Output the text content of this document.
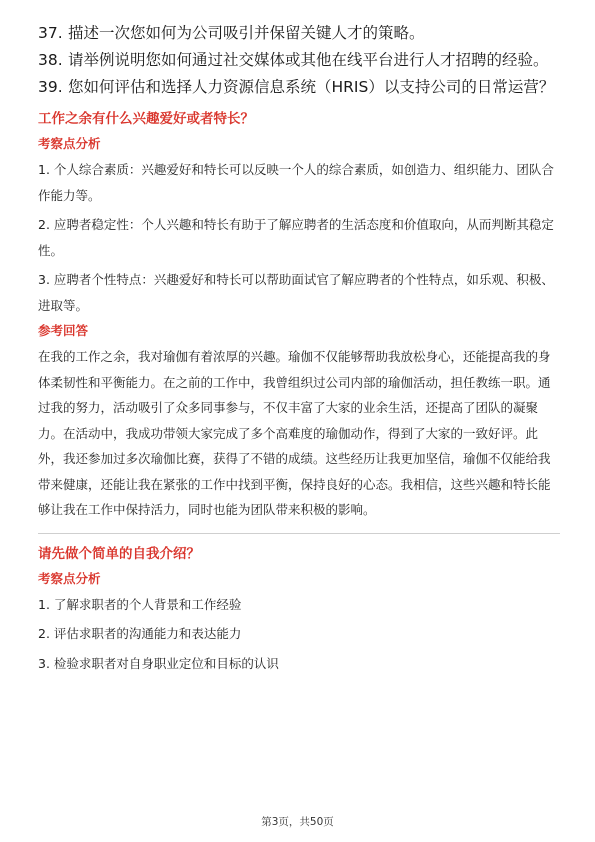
37. 描述一次您如何为公司吸引并保留关键人才的策略。
38. 请举例说明您如何通过社交媒体或其他在线平台进行人才招聘的经验。
39. 您如何评估和选择人力资源信息系统（HRIS）以支持公司的日常运营？
工作之余有什么兴趣爱好或者特长？
考察点分析

1. 个人综合素质：兴趣爱好和特长可以反映一个人的综合素质，如创造力、组织能力、团队合作能力等。

2. 应聘者稳定性：个人兴趣和特长有助于了解应聘者的生活态度和价值取向，从而判断其稳定性。

3. 应聘者个性特点：兴趣爱好和特长可以帮助面试官了解应聘者的个性特点，如乐观、积极、进取等。

参考回答

在我的工作之余，我对瑜伽有着浓厚的兴趣。瑜伽不仅能够帮助我放松身心，还能提高我的身体柔韧性和平衡能力。在之前的工作中，我曾组织过公司内部的瑜伽活动，担任教练一职。通过我的努力，活动吸引了众多同事参与，不仅丰富了大家的业余生活，还提高了团队的凝聚力。在活动中，我成功带领大家完成了多个高难度的瑜伽动作，得到了大家的一致好评。此外，我还参加过多次瑜伽比赛，获得了不错的成绩。这些经历让我更加坚信，瑜伽不仅能给我带来健康，还能让我在紧张的工作中找到平衡，保持良好的心态。我相信，这些兴趣和特长能够让我在工作中保持活力，同时也能为团队带来积极的影响。

请先做个简单的自我介绍？
考察点分析

1. 了解求职者的个人背景和工作经验

2. 评估求职者的沟通能力和表达能力

3. 检验求职者对自身职业定位和目标的认识

第3页，共50页
